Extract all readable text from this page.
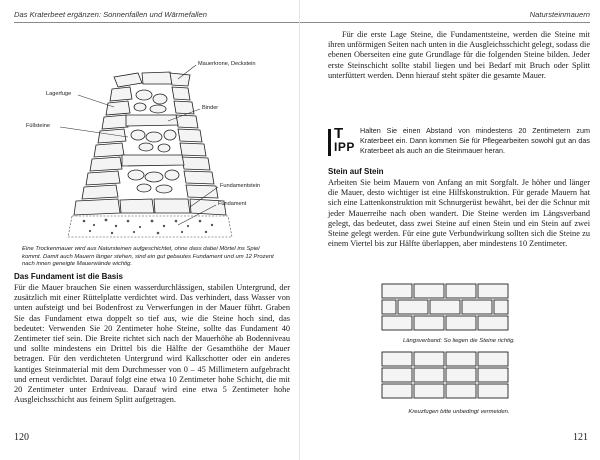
Das Kraterbeet ergänzen: Sonnenfallen und Wärmefallen
Mauerkrone, Deckstein
Lagerfuge
Binder
Füllsteine
Fundamentstein
Fundament
Eine Trockenmauer wird aus Natursteinen aufgeschichtet, ohne dass dabei Mörtel ins Spiel kommt. Damit auch Mauern länger stehen, sind ein gut gebautes Fundament und um 12 Prozent nach innen geneigte Mauerwände wichtig.
Das Fundament ist die Basis
Für die Mauer brauchen Sie einen wasserdurchlässigen, stabilen Untergrund, der zusätzlich mit einer Rüttelplatte verdichtet wird. Das verhindert, dass Wasser von unten aufsteigt und bei Bodenfrost zu Verwerfungen in der Mauer führt. Graben Sie das Fundament etwa doppelt so tief aus, wie die Steine hoch sind, das bedeutet: Verwenden Sie 20 Zentimeter hohe Steine, sollte das Fundament 40 Zentimeter tief sein. Die Breite richtet sich nach der Mauerhöhe ab Bodenniveau und sollte mindestens ein Drittel bis die Hälfte der Gesamthöhe der Mauer betragen. Für den verdichteten Untergrund wird Kalkschotter oder ein anderes kantiges Steinmaterial mit dem Durchmesser von 0 – 45 Millimetern aufgebracht und erneut verdichtet. Darauf folgt eine etwa 10 Zentimeter hohe Schicht, die mit 20 Zentimeter unter Erdniveau. Darauf wird eine etwa 5 Zentimeter hohe Ausgleichsschicht aus feinem Splitt aufgetragen.
120
Natursteinmauern
Für die erste Lage Steine, die Fundamentsteine, werden die Steine mit ihren unförmigen Seiten nach unten in die Ausgleichsschicht gelegt, sodass die ebenen Oberseiten eine gute Grundlage für die folgenden Steine bilden. Jeder erste Steinschicht sollte stabil liegen und bei Bedarf mit Bruch oder Splitt unterfüttert werden. Denn hierauf steht später die gesamte Mauer.
T
IPP
Halten Sie einen Abstand von mindestens 20 Zentimetern zum Kraterbeet ein. Dann kommen Sie für Pflegearbeiten sowohl gut an das Kraterbeet als auch an die Steinmauer heran.
Stein auf Stein
Arbeiten Sie beim Mauern von Anfang an mit Sorgfalt. Je höher und länger die Mauer, desto wichtiger ist eine Hilfskonstruktion. Für gerade Mauern hat sich eine Lattenkonstruktion mit Schnurgerüst bewährt, bei der die Schnur mit jeder Mauerreihe nach oben wandert. Die Steine werden im Längsverband gelegt, das bedeutet, dass zwei Steine auf einen Stein und ein Stein auf zwei Steine gelegt werden. Für eine gute Verbundwirkung sollten sich die Steine zu einem Viertel bis zur Hälfte überlappen, aber mindestens 10 Zentimeter.
Längsverband: So liegen die Steine richtig.
Kreuzfugen bitte unbedingt vermeiden.
121
